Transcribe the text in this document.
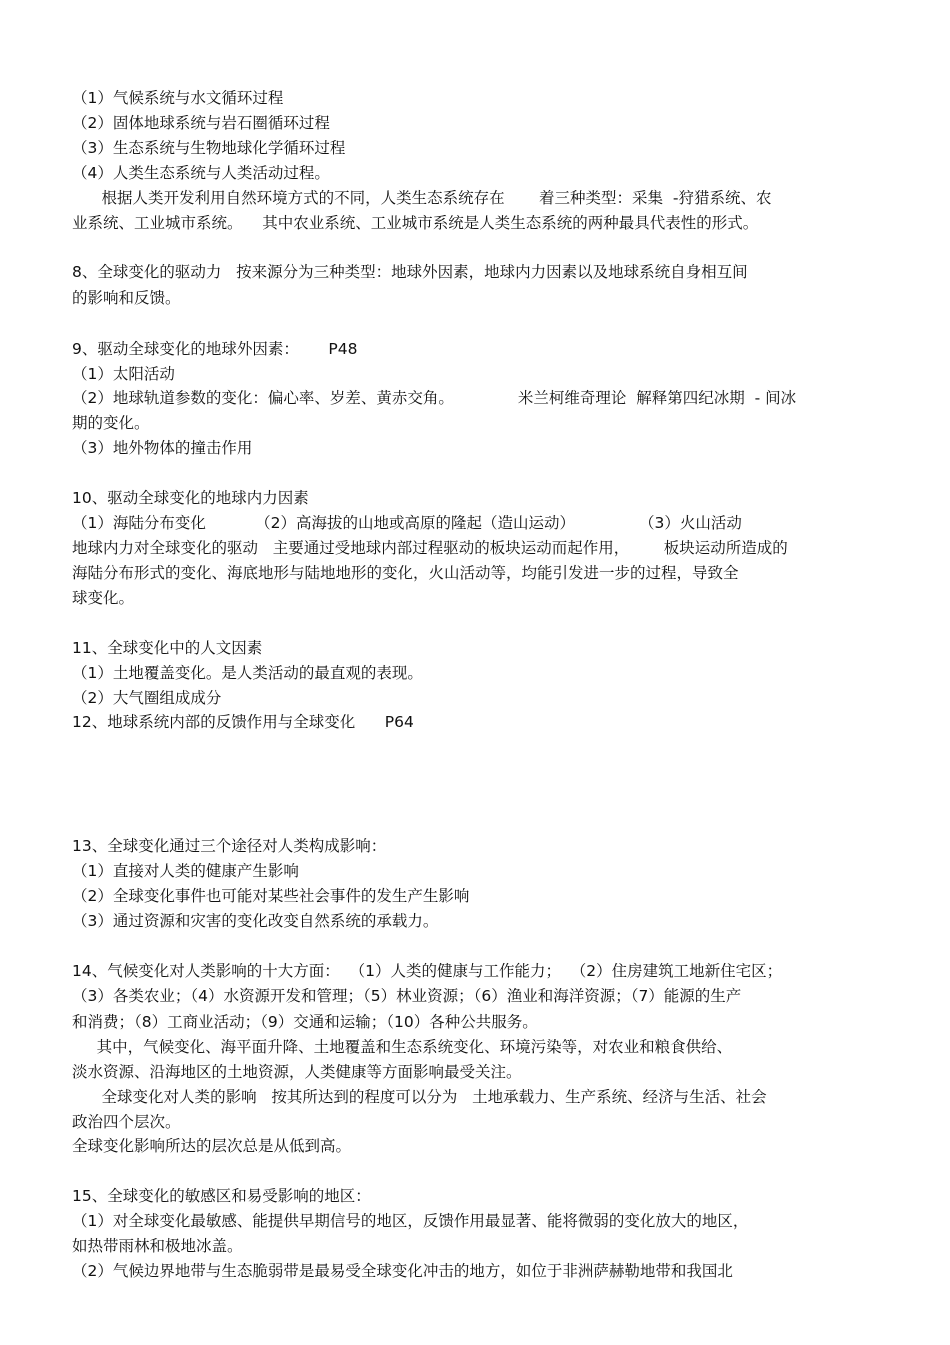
（1）气候系统与水文循环过程
（2）固体地球系统与岩石圈循环过程
（3）生态系统与生物地球化学循环过程
（4）人类生态系统与人类活动过程。
根据人类开发利用自然环境方式的不同，人类生态系统存在       着三种类型：采集  -狩猎系统、农
业系统、工业城市系统。    其中农业系统、工业城市系统是人类生态系统的两种最具代表性的形式。
8、全球变化的驱动力   按来源分为三种类型：地球外因素，地球内力因素以及地球系统自身相互间
的影响和反馈。
9、驱动全球变化的地球外因素：      P48
（1）太阳活动
（2）地球轨道参数的变化：偏心率、岁差、黄赤交角。             米兰柯维奇理论  解释第四纪冰期  - 间冰
期的变化。
（3）地外物体的撞击作用
10、驱动全球变化的地球内力因素
（1）海陆分布变化          （2）高海拔的山地或高原的隆起（造山运动）             （3）火山活动
地球内力对全球变化的驱动   主要通过受地球内部过程驱动的板块运动而起作用，       板块运动所造成的
海陆分布形式的变化、海底地形与陆地地形的变化，火山活动等，均能引发进一步的过程，导致全
球变化。
11、全球变化中的人文因素
（1）土地覆盖变化。是人类活动的最直观的表现。
（2）大气圈组成成分
12、地球系统内部的反馈作用与全球变化      P64
13、全球变化通过三个途径对人类构成影响：
（1）直接对人类的健康产生影响
（2）全球变化事件也可能对某些社会事件的发生产生影响
（3）通过资源和灾害的变化改变自然系统的承载力。
14、气候变化对人类影响的十大方面：  （1）人类的健康与工作能力；  （2）住房建筑工地新住宅区；
（3）各类农业；（4）水资源开发和管理；（5）林业资源；（6）渔业和海洋资源；（7）能源的生产
和消费；（8）工商业活动；（9）交通和运输；（10）各种公共服务。
其中，气候变化、海平面升降、土地覆盖和生态系统变化、环境污染等，对农业和粮食供给、
淡水资源、沿海地区的土地资源，人类健康等方面影响最受关注。
全球变化对人类的影响   按其所达到的程度可以分为   土地承载力、生产系统、经济与生活、社会
政治四个层次。
全球变化影响所达的层次总是从低到高。
15、全球变化的敏感区和易受影响的地区：
（1）对全球变化最敏感、能提供早期信号的地区，反馈作用最显著、能将微弱的变化放大的地区，
如热带雨林和极地冰盖。
（2）气候边界地带与生态脆弱带是最易受全球变化冲击的地方，如位于非洲萨赫勒地带和我国北
